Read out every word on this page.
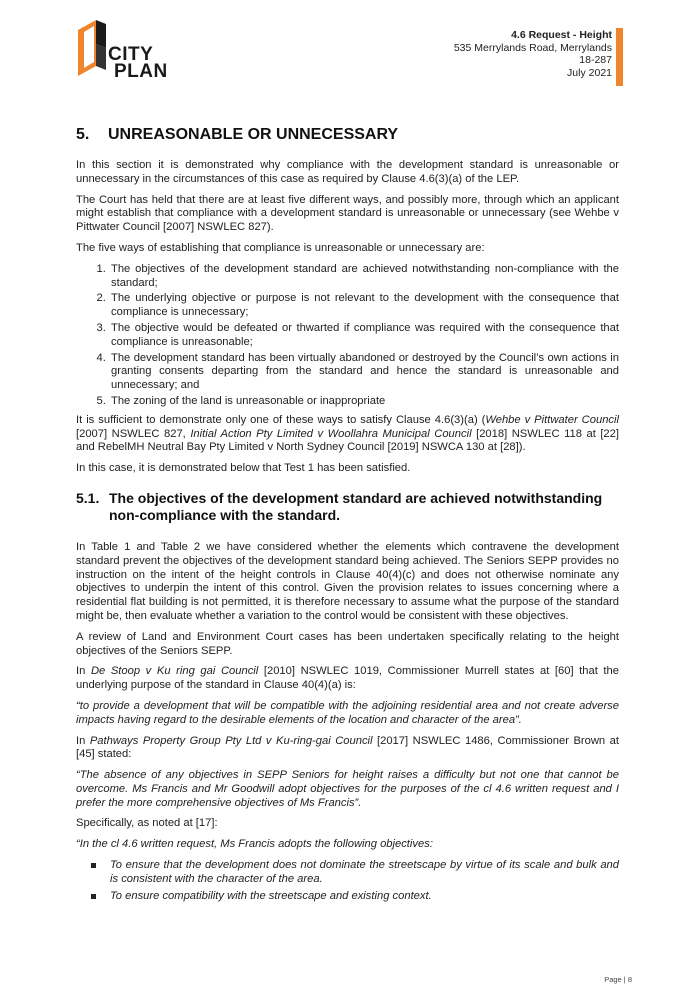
CITY
PLAN
4.6 Request - Height
535 Merrylands Road, Merrylands
18-287
July 2021
5.	UNREASONABLE OR UNNECESSARY

In this section it is demonstrated why compliance with the development standard is unreasonable or unnecessary in the circumstances of this case as required by Clause 4.6(3)(a) of the LEP.

The Court has held that there are at least five different ways, and possibly more, through which an applicant might establish that compliance with a development standard is unreasonable or unnecessary (see Wehbe v Pittwater Council [2007] NSWLEC 827).

The five ways of establishing that compliance is unreasonable or unnecessary are:

1. The objectives of the development standard are achieved notwithstanding non-compliance with the standard;
2. The underlying objective or purpose is not relevant to the development with the consequence that compliance is unnecessary;
3. The objective would be defeated or thwarted if compliance was required with the consequence that compliance is unreasonable;
4. The development standard has been virtually abandoned or destroyed by the Council’s own actions in granting consents departing from the standard and hence the standard is unreasonable and unnecessary; and
5. The zoning of the land is unreasonable or inappropriate

It is sufficient to demonstrate only one of these ways to satisfy Clause 4.6(3)(a) (Wehbe v Pittwater Council [2007] NSWLEC 827, Initial Action Pty Limited v Woollahra Municipal Council [2018] NSWLEC 118 at [22] and RebelMH Neutral Bay Pty Limited v North Sydney Council [2019] NSWCA 130 at [28]).

In this case, it is demonstrated below that Test 1 has been satisfied.

5.1. The objectives of the development standard are achieved notwithstanding non-compliance with the standard.

In Table 1 and Table 2 we have considered whether the elements which contravene the development standard prevent the objectives of the development standard being achieved. The Seniors SEPP provides no instruction on the intent of the height controls in Clause 40(4)(c) and does not otherwise nominate any objectives to underpin the intent of this control. Given the provision relates to issues concerning where a residential flat building is not permitted, it is therefore necessary to assume what the purpose of the standard might be, then evaluate whether a variation to the control would be consistent with these objectives.

A review of Land and Environment Court cases has been undertaken specifically relating to the height objectives of the Seniors SEPP.

In De Stoop v Ku ring gai Council [2010] NSWLEC 1019, Commissioner Murrell states at [60] that the underlying purpose of the standard in Clause 40(4)(a) is:

“to provide a development that will be compatible with the adjoining residential area and not create adverse impacts having regard to the desirable elements of the location and character of the area”.

In Pathways Property Group Pty Ltd v Ku-ring-gai Council [2017] NSWLEC 1486, Commissioner Brown at [45] stated:

“The absence of any objectives in SEPP Seniors for height raises a difficulty but not one that cannot be overcome. Ms Francis and Mr Goodwill adopt objectives for the purposes of the cl 4.6 written request and I prefer the more comprehensive objectives of Ms Francis”.

Specifically, as noted at [17]:

“In the cl 4.6 written request, Ms Francis adopts the following objectives:

To ensure that the development does not dominate the streetscape by virtue of its scale and bulk and is consistent with the character of the area.
To ensure compatibility with the streetscape and existing context.
Page | 8
